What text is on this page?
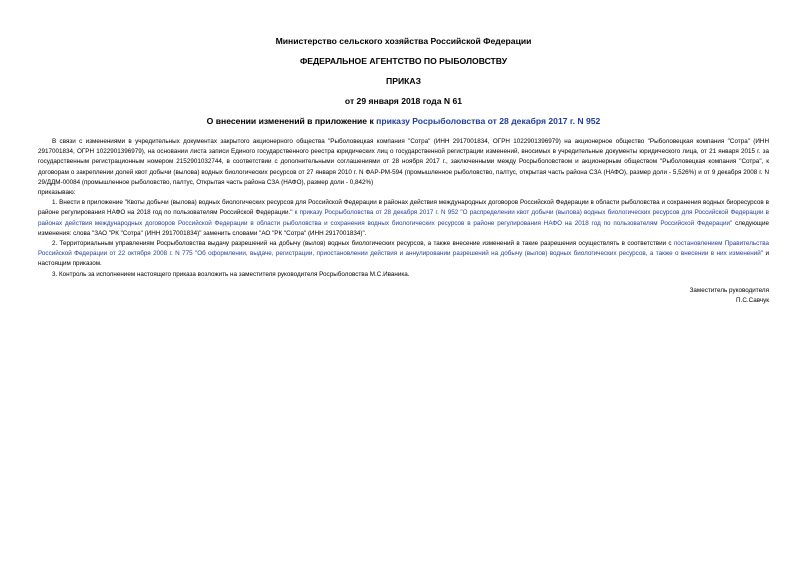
Министерство сельского хозяйства Российской Федерации
ФЕДЕРАЛЬНОЕ АГЕНТСТВО ПО РЫБОЛОВСТВУ
ПРИКАЗ
от 29 января 2018 года N 61
О внесении изменений в приложение к приказу Росрыболовства от 28 декабря 2017 г. N 952

В связи с изменениями в учредительных документах закрытого акционерного общества "Рыболовецкая компания "Сотра" (ИНН 2917001834, ОГРН 1022901396979) на акционерное общество "Рыболовецкая компания "Сотра" (ИНН 2917001834, ОГРН 1022901396979), на основании листа записи Единого государственного реестра юридических лиц о государственной регистрации изменений, вносимых в учредительные документы юридического лица, от 21 января 2015 г. за государственным регистрационным номером 2152901032744, в соответствии с дополнительными соглашениями от 28 ноября 2017 г., заключенными между Росрыболовством и акционерным обществом "Рыболовецкая компания "Сотра", к договорам о закреплении долей квот добычи (вылова) водных биологических ресурсов от 27 января 2010 г. N ФАР-РМ-594 (промышленное рыболовство, палтус, открытая часть района СЗА (НАФО), размер доли - 5,526%) и от 9 декабря 2008 г. N 29/ДДМ-00084 (промышленное рыболовство, палтус, Открытая часть района СЗА (НАФО), размер доли - 0,842%)

приказываю:

1. Внести в приложение "Квоты добычи (вылова) водных биологических ресурсов для Российской Федерации в районах действия международных договоров Российской Федерации в области рыболовства и сохранения водных биоресурсов в районе регулирования НАФО на 2018 год по пользователям Российской Федерации." к приказу Росрыболовства от 28 декабря 2017 г. N 952 "О распределении квот добычи (вылова) водных биологических ресурсов для Российской Федерации в районах действия международных договоров Российской Федерации в области рыболовства и сохранения водных биологических ресурсов в районе регулирования НАФО на 2018 год по пользователям Российской Федерации" следующие изменения: слова "ЗАО "РК "Сотра" (ИНН 2917001834)" заменить словами "АО "РК "Сотра" (ИНН 2917001834)".

2. Территориальным управлениям Росрыболовства выдачу разрешений на добычу (вылов) водных биологических ресурсов, а также внесение изменений в такие разрешения осуществлять в соответствии с постановлением Правительства Российской Федерации от 22 октября 2008 г. N 775 "Об оформлении, выдаче, регистрации, приостановлении действия и аннулировании разрешений на добычу (вылов) водных биологических ресурсов, а также о внесении в них изменений" и настоящим приказом.

3. Контроль за исполнением настоящего приказа возложить на заместителя руководителя Росрыболовства М.С.Иваника.

Заместитель руководителя
П.С.Савчук
